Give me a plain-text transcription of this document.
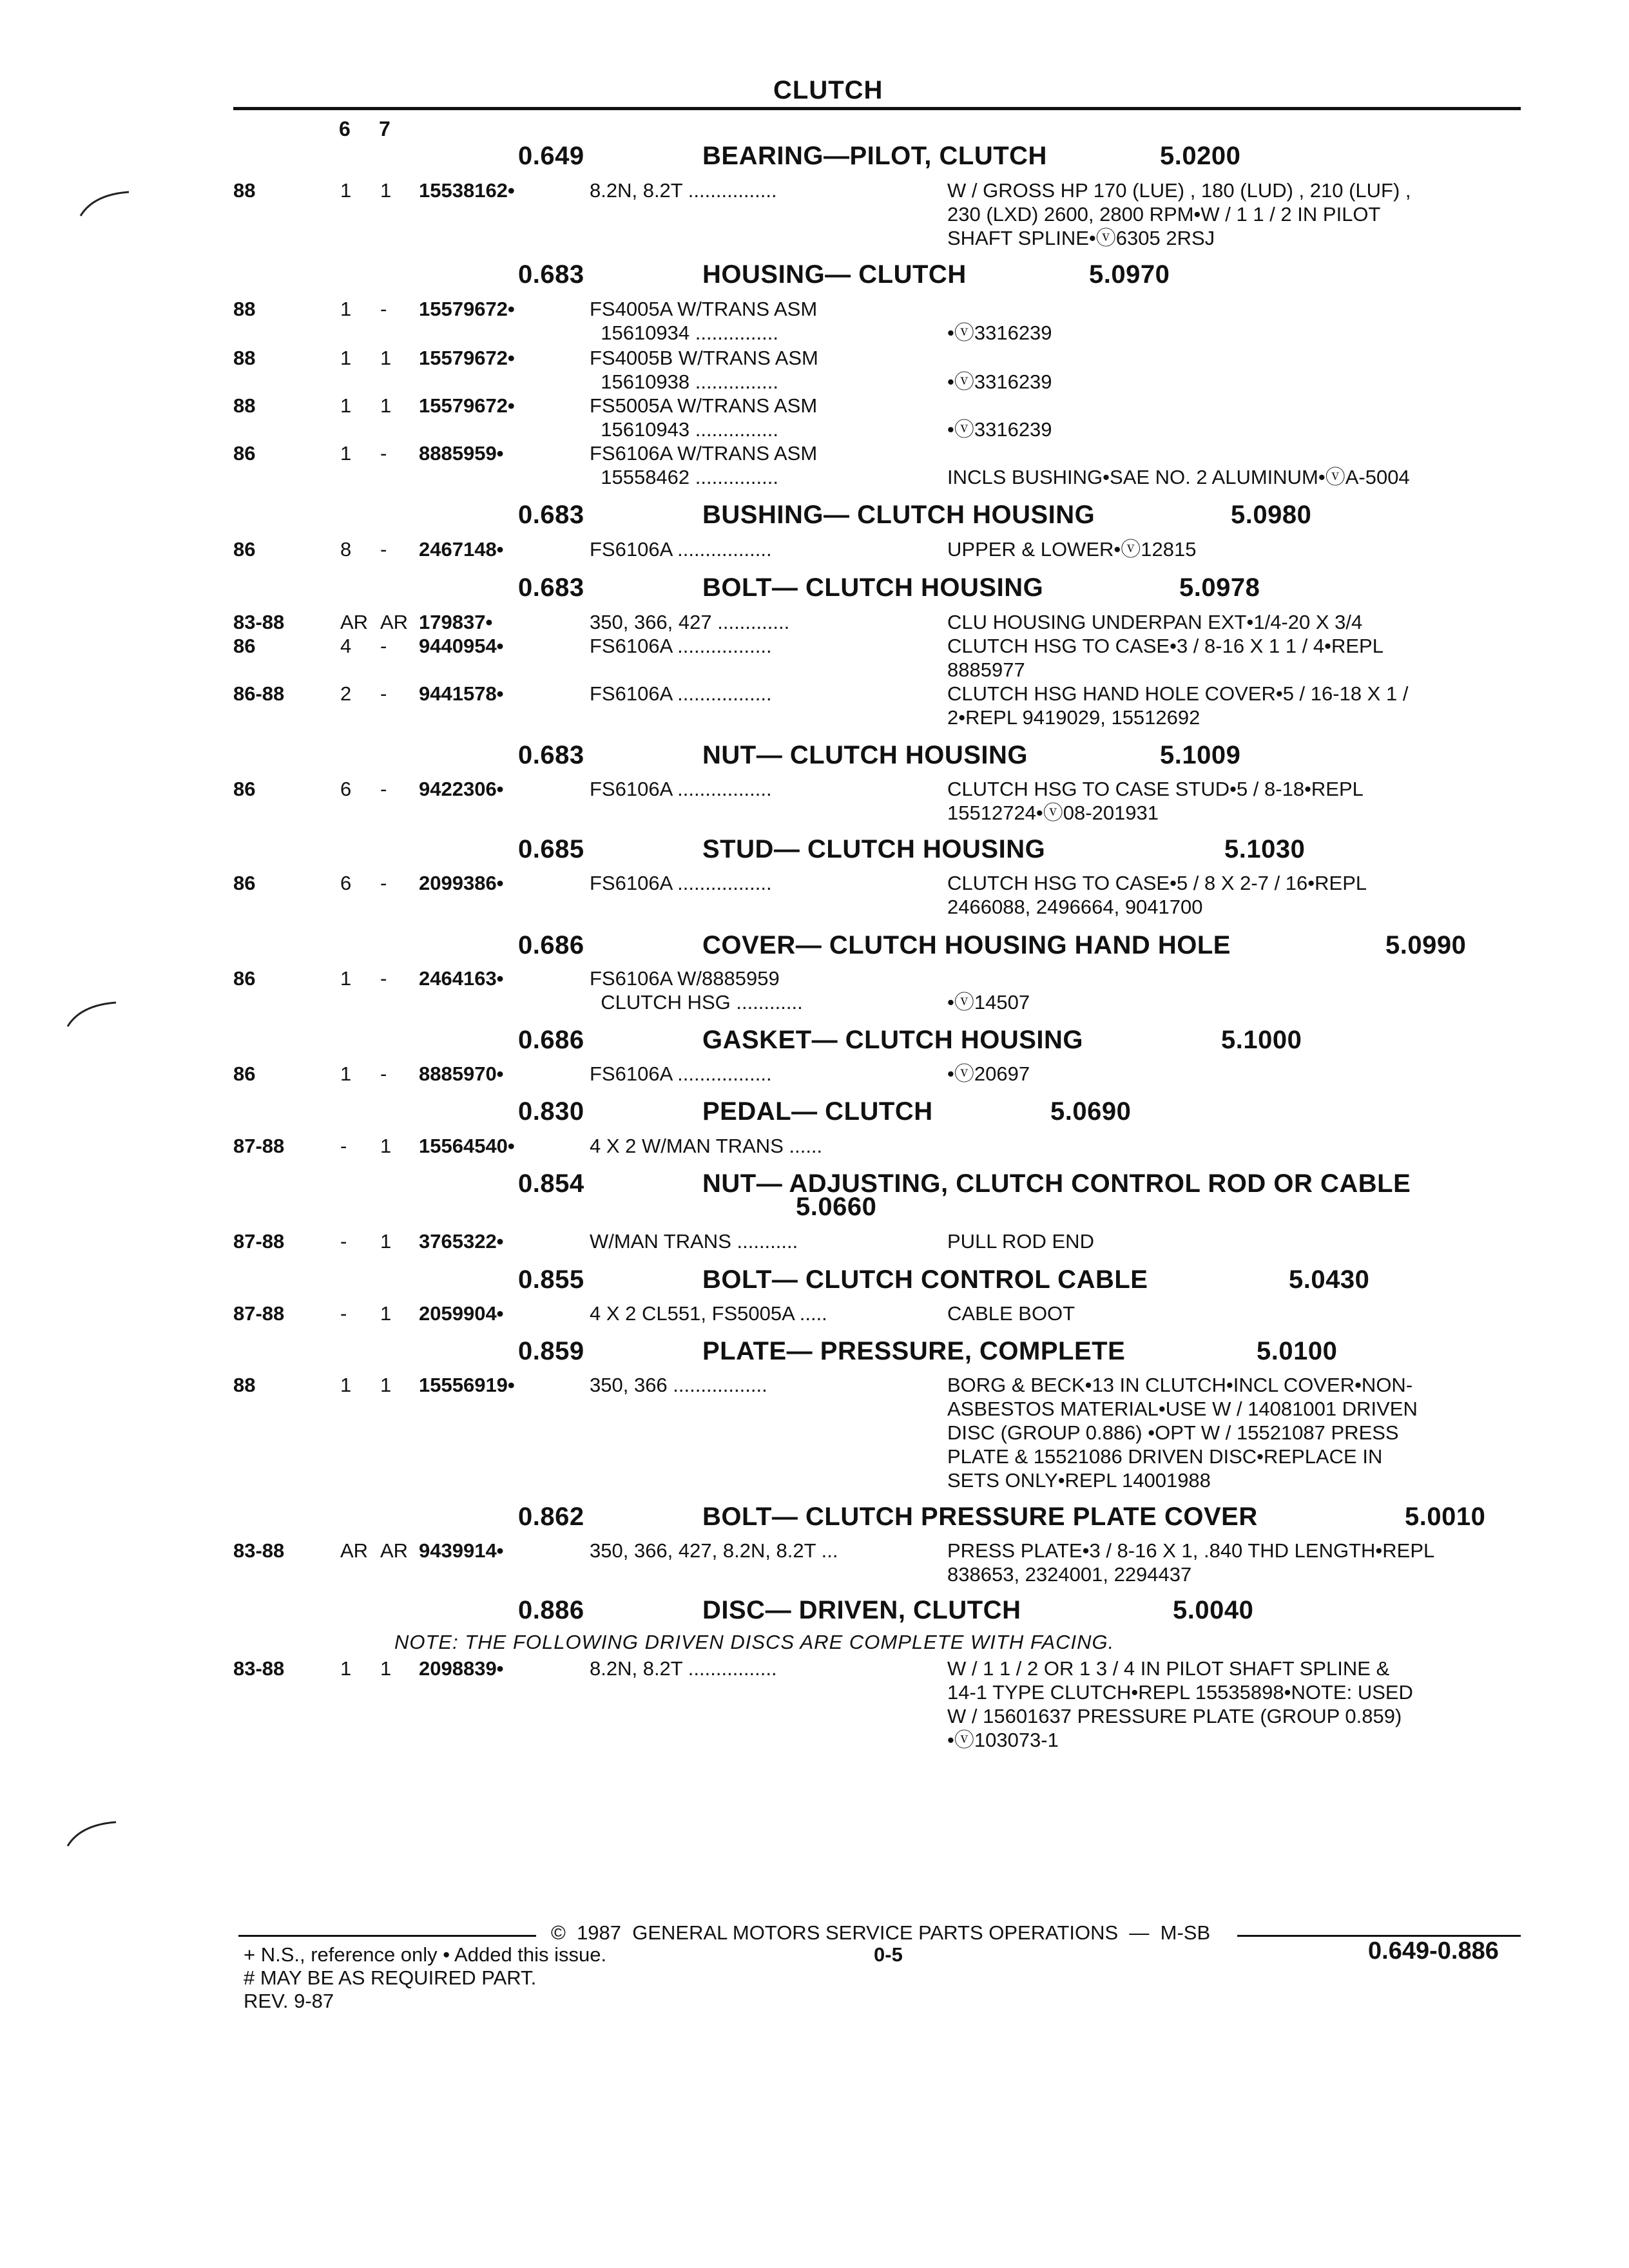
CLUTCH
6 7
0.649	BEARING—PILOT, CLUTCH	5.0200
88	1 1 15538162•	8.2N, 8.2T ................	W / GROSS HP 170 (LUE) , 180 (LUD) , 210 (LUF) ,
230 (LXD) 2600, 2800 RPM•W / 1 1 / 2 IN PILOT
SHAFT SPLINE•ⓥ6305 2RSJ
0.683	HOUSING— CLUTCH	5.0970
88	1 - 15579672•	FS4005A W/TRANS ASM
15610934 ...............	
•ⓥ3316239
88	1 1 15579672•	FS4005B W/TRANS ASM
15610938 ...............	
•ⓥ3316239
88	1 1 15579672•	FS5005A W/TRANS ASM
15610943 ...............	
•ⓥ3316239
86	1 - 8885959•	FS6106A W/TRANS ASM
15558462 ...............	
INCLS BUSHING•SAE NO. 2 ALUMINUM•ⓥA-5004
0.683	BUSHING— CLUTCH HOUSING	5.0980
86	8 - 2467148•	FS6106A .................	UPPER & LOWER•ⓥ12815
0.683	BOLT— CLUTCH HOUSING	5.0978
83-88	AR AR 179837•	350, 366, 427 .............	CLU HOUSING UNDERPAN EXT•1/4-20 X 3/4
86	4 - 9440954•	FS6106A .................	CLUTCH HSG TO CASE•3 / 8-16 X 1 1 / 4•REPL
8885977
86-88	2 - 9441578•	FS6106A .................	CLUTCH HSG HAND HOLE COVER•5 / 16-18 X 1 /
2•REPL 9419029, 15512692
0.683	NUT— CLUTCH HOUSING	5.1009
86	6 - 9422306•	FS6106A .................	CLUTCH HSG TO CASE STUD•5 / 8-18•REPL
15512724•ⓥ08-201931
0.685	STUD— CLUTCH HOUSING	5.1030
86	6 - 2099386•	FS6106A .................	CLUTCH HSG TO CASE•5 / 8 X 2-7 / 16•REPL
2466088, 2496664, 9041700
0.686	COVER— CLUTCH HOUSING HAND HOLE	5.0990
86	1 - 2464163•	FS6106A W/8885959
CLUTCH HSG ............	
•ⓥ14507
0.686	GASKET— CLUTCH HOUSING	5.1000
86	1 - 8885970•	FS6106A .................	•ⓥ20697
0.830	PEDAL— CLUTCH	5.0690
87-88	- 1 15564540•	4 X 2 W/MAN TRANS ......
0.854	NUT— ADJUSTING, CLUTCH CONTROL ROD OR CABLE
5.0660
87-88	- 1 3765322•	W/MAN TRANS ...........	PULL ROD END
0.855	BOLT— CLUTCH CONTROL CABLE	5.0430
87-88	- 1 2059904•	4 X 2 CL551, FS5005A .....	CABLE BOOT
0.859	PLATE— PRESSURE, COMPLETE	5.0100
88	1 1 15556919•	350, 366 .................	BORG & BECK•13 IN CLUTCH•INCL COVER•NON-
ASBESTOS MATERIAL•USE W / 14081001 DRIVEN
DISC (GROUP 0.886) •OPT W / 15521087 PRESS
PLATE & 15521086 DRIVEN DISC•REPLACE IN
SETS ONLY•REPL 14001988
0.862	BOLT— CLUTCH PRESSURE PLATE COVER	5.0010
83-88	AR AR 9439914•	350, 366, 427, 8.2N, 8.2T ...	PRESS PLATE•3 / 8-16 X 1, .840 THD LENGTH•REPL
838653, 2324001, 2294437
0.886	DISC— DRIVEN, CLUTCH	5.0040
NOTE: THE FOLLOWING DRIVEN DISCS ARE COMPLETE WITH FACING.
83-88	1 1 2098839•	8.2N, 8.2T ................	W / 1 1 / 2 OR 1 3 / 4 IN PILOT SHAFT SPLINE &
14-1 TYPE CLUTCH•REPL 15535898•NOTE: USED
W / 15601637 PRESSURE PLATE (GROUP 0.859)
•ⓥ103073-1
©  1987  GENERAL MOTORS SERVICE PARTS OPERATIONS  —  M-SB
+ N.S., reference only • Added this issue.	0-5	0.649-0.886
# MAY BE AS REQUIRED PART.
REV. 9-87
